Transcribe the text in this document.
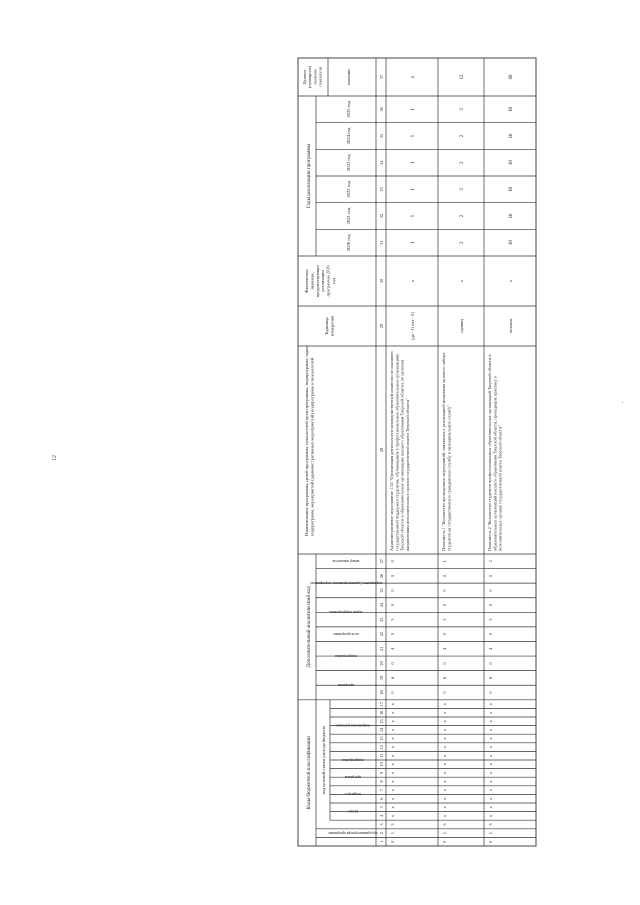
12
Коды бюджетной классификации код целевой статьи расхода бюджета
Дополнительный аналитический код
Годы реализации программы
код администратора программы
раздел
подраздел
программа
подпрограмма
направление расходов
программа
подпрограмма
цель программы
задача подпрограммы
мероприятие (административное мероприятие)
номер показателя
Наименование программы, целей программы, показателей цели программы, подпрограмм, задачподпрограмм, мероприятий (административных мероприятий) подпрограмм и показателей
Единицаизмерения
Фактическоезначение,предшествующеереализациипрограммы 2019год
2020 год
2021 год
2022 год
2023 год
2024 год
2025 год
Целевое(суммарное)значениепоказателя	значение
1
2
3
4
5
6
7
8
9
10
11
12
13
14
15
16
17
18
19
20
21
22
23
24
25
26
27
28
29
30
31
32
33
34
35
36
37
0
1
3
х
х
х
х
х
х
х
х
х
х
х
х
х
х
0
6
0
4
0
3
0
0
0
0
Административное мероприятие 1.35 "Организация деятельности межведомственной комиссии по оказаниюгосударственной поддержки студентам, обучающимся в профессиональных образовательных организацияхТверской области и образовательных организациях высшего образования Тверской области, по целевымнаправлениям исполнительных органов государственной власти Тверской области"
(да - 1) нет - 0)
х
1
1
1
1
1
1
х
0
1
3
х
х
х
х
х
х
х
х
х
х
х
х
х
х
0
6
0
4
0
3
0
0
0
1
Показатель 1 "Количество проведенных мероприятий, связанных с реализацией механизма целевого наборастудентов на государственную гражданскую службу и муниципальную службу"
единиц
х
2
2
2
2
2
2
12
0
1
3
х
х
х
х
х
х
х
х
х
х
х
х
х
х
0
6
0
4
0
3
0
0
0
2
Показатель 2 "Количество студентов профессиональных образовательных организаций Тверской области иобразовательных организаций высшего образования Тверской области, проходящих практику висполнительных органах государственной власти Тверской области"
человек
х
10
10
10
10
10
10
60
